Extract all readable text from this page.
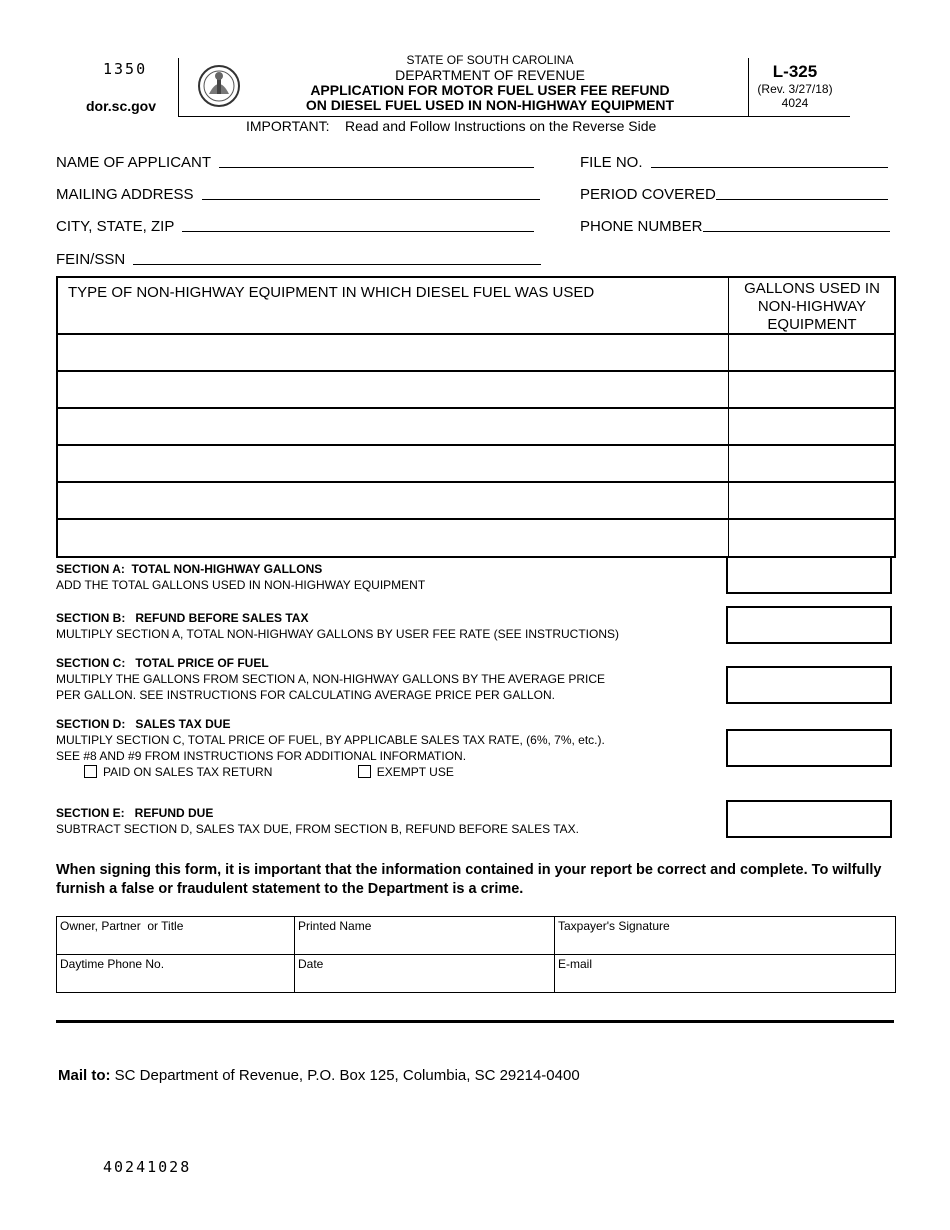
1350
dor.sc.gov
STATE OF SOUTH CAROLINA
DEPARTMENT OF REVENUE
APPLICATION FOR MOTOR FUEL USER FEE REFUND
ON DIESEL FUEL USED IN NON-HIGHWAY EQUIPMENT
L-325
(Rev. 3/27/18)
4024
IMPORTANT:    Read and Follow Instructions on the Reverse Side
NAME OF APPLICANT
MAILING ADDRESS
CITY, STATE, ZIP
FEIN/SSN
FILE NO.
PERIOD COVERED
PHONE NUMBER
TYPE OF NON-HIGHWAY EQUIPMENT IN WHICH DIESEL FUEL WAS USED	GALLONS USED IN NON-HIGHWAY EQUIPMENT
SECTION A:  TOTAL NON-HIGHWAY GALLONS
ADD THE TOTAL GALLONS USED IN NON-HIGHWAY EQUIPMENT
SECTION B:   REFUND BEFORE SALES TAX
MULTIPLY SECTION A, TOTAL NON-HIGHWAY GALLONS BY USER FEE RATE (SEE INSTRUCTIONS)
SECTION C:   TOTAL PRICE OF FUEL
MULTIPLY THE GALLONS FROM SECTION A, NON-HIGHWAY GALLONS BY THE AVERAGE PRICE
PER GALLON. SEE INSTRUCTIONS FOR CALCULATING AVERAGE PRICE PER GALLON.
SECTION D:   SALES TAX DUE
MULTIPLY SECTION C, TOTAL PRICE OF FUEL, BY APPLICABLE SALES TAX RATE, (6%, 7%, etc.).
SEE #8 AND #9 FROM INSTRUCTIONS FOR ADDITIONAL INFORMATION.
PAID ON SALES TAX RETURN	EXEMPT USE
SECTION E:   REFUND DUE
SUBTRACT SECTION D, SALES TAX DUE, FROM SECTION B, REFUND BEFORE SALES TAX.
When signing this form, it is important that the information contained in your report be correct and complete. To wilfully furnish a false or fraudulent statement to the Department is a crime.
Owner, Partner  or Title	Printed Name	Taxpayer's Signature
Daytime Phone No.	Date	E-mail
Mail to: SC Department of Revenue, P.O. Box 125, Columbia, SC 29214-0400
40241028
